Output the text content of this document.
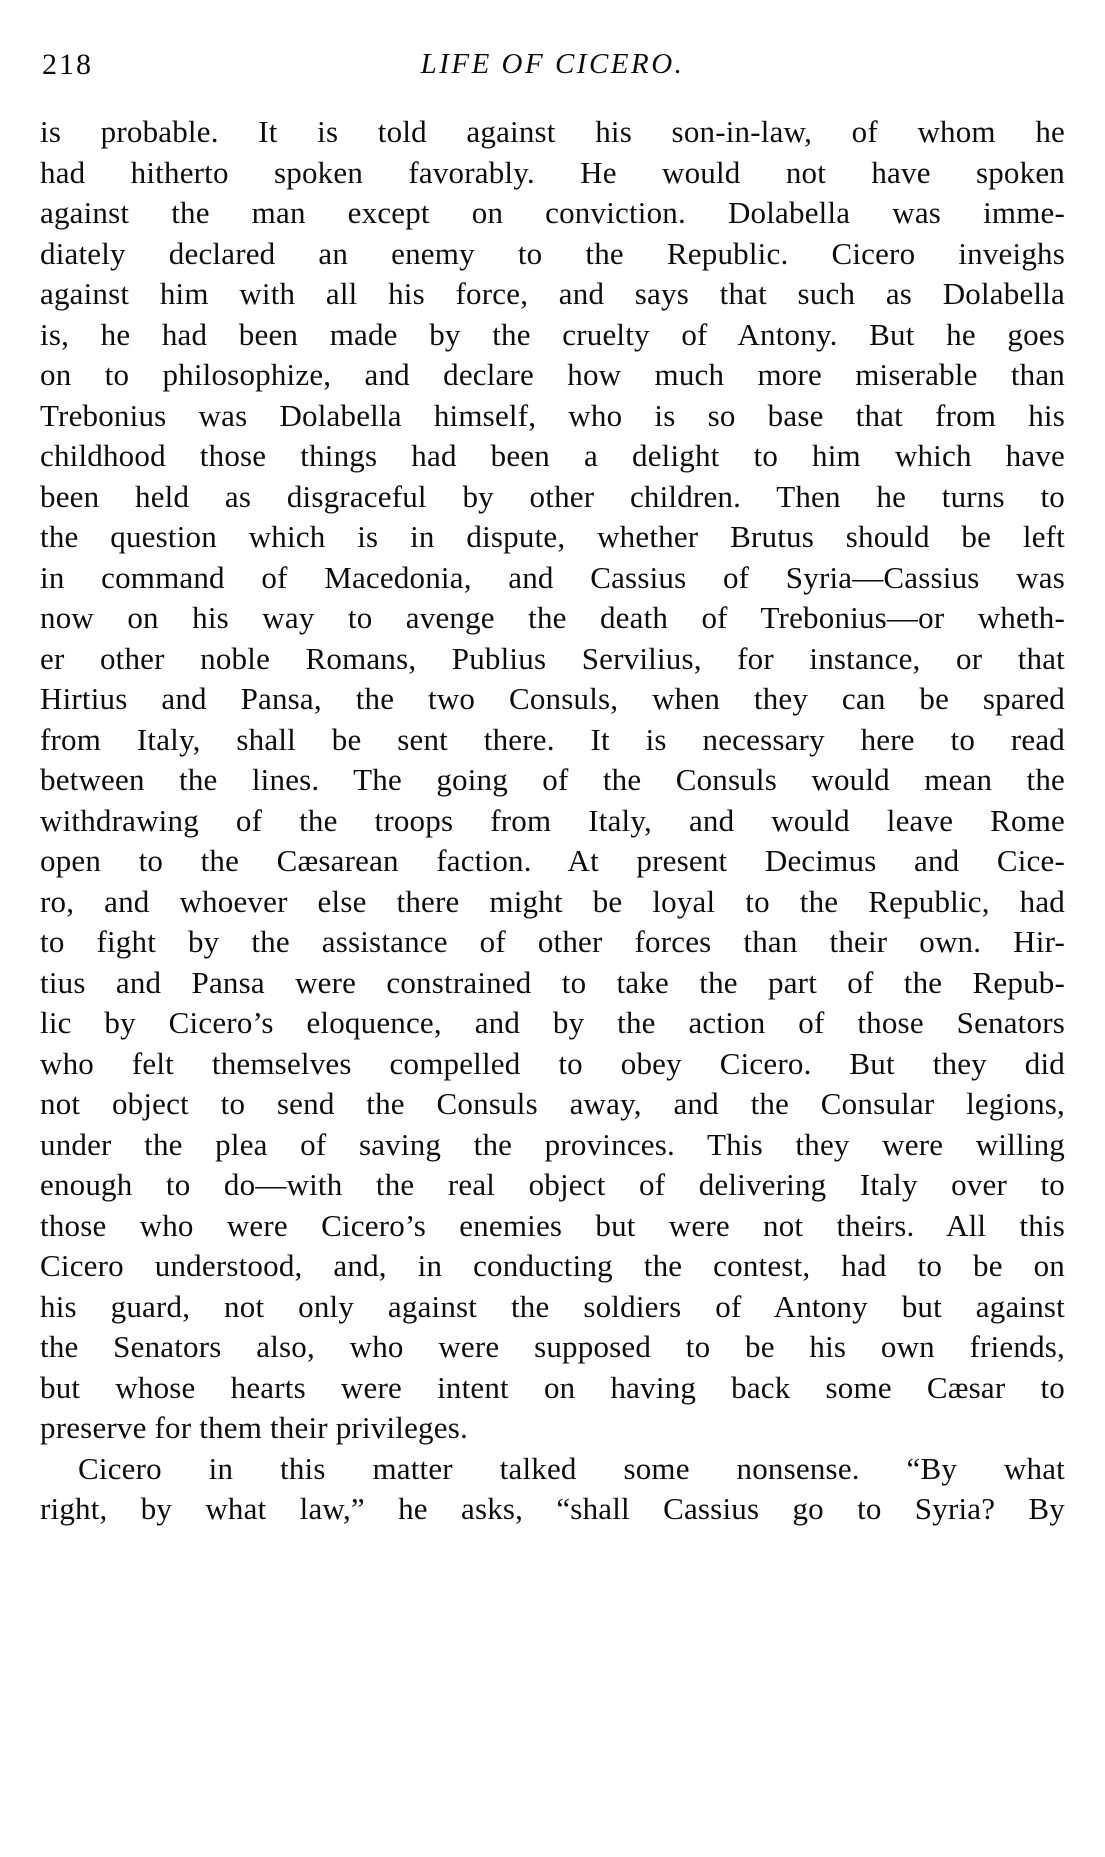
218	LIFE OF CICERO.
is probable. It is told against his son-in-law, of whom he
had hitherto spoken favorably. He would not have spoken
against the man except on conviction. Dolabella was imme-
diately declared an enemy to the Republic. Cicero inveighs
against him with all his force, and says that such as Dolabella
is, he had been made by the cruelty of Antony. But he goes
on to philosophize, and declare how much more miserable than
Trebonius was Dolabella himself, who is so base that from his
childhood those things had been a delight to him which have
been held as disgraceful by other children. Then he turns to
the question which is in dispute, whether Brutus should be left
in command of Macedonia, and Cassius of Syria—Cassius was
now on his way to avenge the death of Trebonius—or wheth-
er other noble Romans, Publius Servilius, for instance, or that
Hirtius and Pansa, the two Consuls, when they can be spared
from Italy, shall be sent there. It is necessary here to read
between the lines. The going of the Consuls would mean the
withdrawing of the troops from Italy, and would leave Rome
open to the Cæsarean faction. At present Decimus and Cice-
ro, and whoever else there might be loyal to the Republic, had
to fight by the assistance of other forces than their own. Hir-
tius and Pansa were constrained to take the part of the Repub-
lic by Cicero’s eloquence, and by the action of those Senators
who felt themselves compelled to obey Cicero. But they did
not object to send the Consuls away, and the Consular legions,
under the plea of saving the provinces. This they were willing
enough to do—with the real object of delivering Italy over to
those who were Cicero’s enemies but were not theirs. All this
Cicero understood, and, in conducting the contest, had to be on
his guard, not only against the soldiers of Antony but against
the Senators also, who were supposed to be his own friends,
but whose hearts were intent on having back some Cæsar to
preserve for them their privileges.
Cicero in this matter talked some nonsense. “By what
right, by what law,” he asks, “shall Cassius go to Syria? By
